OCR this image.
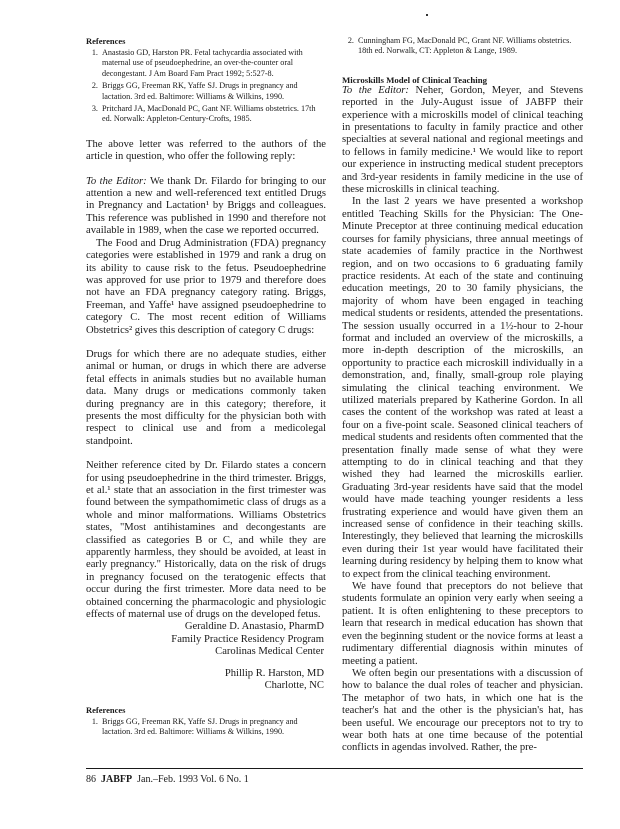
References
1. Anastasio GD, Harston PR. Fetal tachycardia associated with maternal use of pseudoephedrine, an over-the-counter oral decongestant. J Am Board Fam Pract 1992; 5:527-8.
2. Briggs GG, Freeman RK, Yaffe SJ. Drugs in pregnancy and lactation. 3rd ed. Baltimore: Williams & Wilkins, 1990.
3. Pritchard JA, MacDonald PC, Gant NF. Williams obstetrics. 17th ed. Norwalk: Appleton-Century-Crofts, 1985.

The above letter was referred to the authors of the article in question, who offer the following reply:

To the Editor: We thank Dr. Filardo for bringing to our attention a new and well-referenced text entitled Drugs in Pregnancy and Lactation¹ by Briggs and colleagues. This reference was published in 1990 and therefore not available in 1989, when the case we reported occurred.

The Food and Drug Administration (FDA) pregnancy categories were established in 1979 and rank a drug on its ability to cause risk to the fetus. Pseudoephedrine was approved for use prior to 1979 and therefore does not have an FDA pregnancy category rating. Briggs, Freeman, and Yaffe¹ have assigned pseudoephedrine to category C. The most recent edition of Williams Obstetrics² gives this description of category C drugs:

Drugs for which there are no adequate studies, either animal or human, or drugs in which there are adverse fetal effects in animals studies but no available human data. Many drugs or medications commonly taken during pregnancy are in this category; therefore, it presents the most difficulty for the physician both with respect to clinical use and from a medicolegal standpoint.

Neither reference cited by Dr. Filardo states a concern for using pseudoephedrine in the third trimester. Briggs, et al.¹ state that an association in the first trimester was found between the sympathomimetic class of drugs as a whole and minor malformations. Williams Obstetrics states, "Most antihistamines and decongestants are classified as categories B or C, and while they are apparently harmless, they should be avoided, at least in early pregnancy." Historically, data on the risk of drugs in pregnancy focused on the teratogenic effects that occur during the first trimester. More data need to be obtained concerning the pharmacologic and physiologic effects of maternal use of drugs on the developed fetus.

Geraldine D. Anastasio, PharmD

Family Practice Residency Program

Carolinas Medical Center

Phillip R. Harston, MD

Charlotte, NC

References
1. Briggs GG, Freeman RK, Yaffe SJ. Drugs in pregnancy and lactation. 3rd ed. Baltimore: Williams & Wilkins, 1990.
2. Cunningham FG, MacDonald PC, Grant NF. Williams obstetrics. 18th ed. Norwalk, CT: Appleton & Lange, 1989.
Microskills Model of Clinical Teaching

To the Editor: Neher, Gordon, Meyer, and Stevens reported in the July-August issue of JABFP their experience with a microskills model of clinical teaching in presentations to faculty in family practice and other specialties at several national and regional meetings and to fellows in family medicine.¹ We would like to report our experience in instructing medical student preceptors and 3rd-year residents in family medicine in the use of these microskills in clinical teaching.

In the last 2 years we have presented a workshop entitled Teaching Skills for the Physician: The One-Minute Preceptor at three continuing medical education courses for family physicians, three annual meetings of state academies of family practice in the Northwest region, and on two occasions to 6 graduating family practice residents. At each of the state and continuing education meetings, 20 to 30 family physicians, the majority of whom have been engaged in teaching medical students or residents, attended the presentations. The session usually occurred in a 1½-hour to 2-hour format and included an overview of the microskills, a more in-depth description of the microskills, an opportunity to practice each microskill individually in a demonstration, and, finally, small-group role playing simulating the clinical teaching environment. We utilized materials prepared by Katherine Gordon. In all cases the content of the workshop was rated at least a four on a five-point scale. Seasoned clinical teachers of medical students and residents often commented that the presentation finally made sense of what they were attempting to do in clinical teaching and that they wished they had learned the microskills earlier. Graduating 3rd-year residents have said that the model would have made teaching younger residents a less frustrating experience and would have given them an increased sense of confidence in their teaching skills. Interestingly, they believed that learning the microskills even during their 1st year would have facilitated their learning during residency by helping them to know what to expect from the clinical teaching environment.

We have found that preceptors do not believe that students formulate an opinion very early when seeing a patient. It is often enlightening to these preceptors to learn that research in medical education has shown that even the beginning student or the novice forms at least a rudimentary differential diagnosis within minutes of meeting a patient.

We often begin our presentations with a discussion of how to balance the dual roles of teacher and physician. The metaphor of two hats, in which one hat is the teacher's hat and the other is the physician's hat, has been useful. We encourage our preceptors not to try to wear both hats at one time because of the potential conflicts in agendas involved. Rather, the pre-

86 JABFP Jan.–Feb. 1993 Vol. 6 No. 1
